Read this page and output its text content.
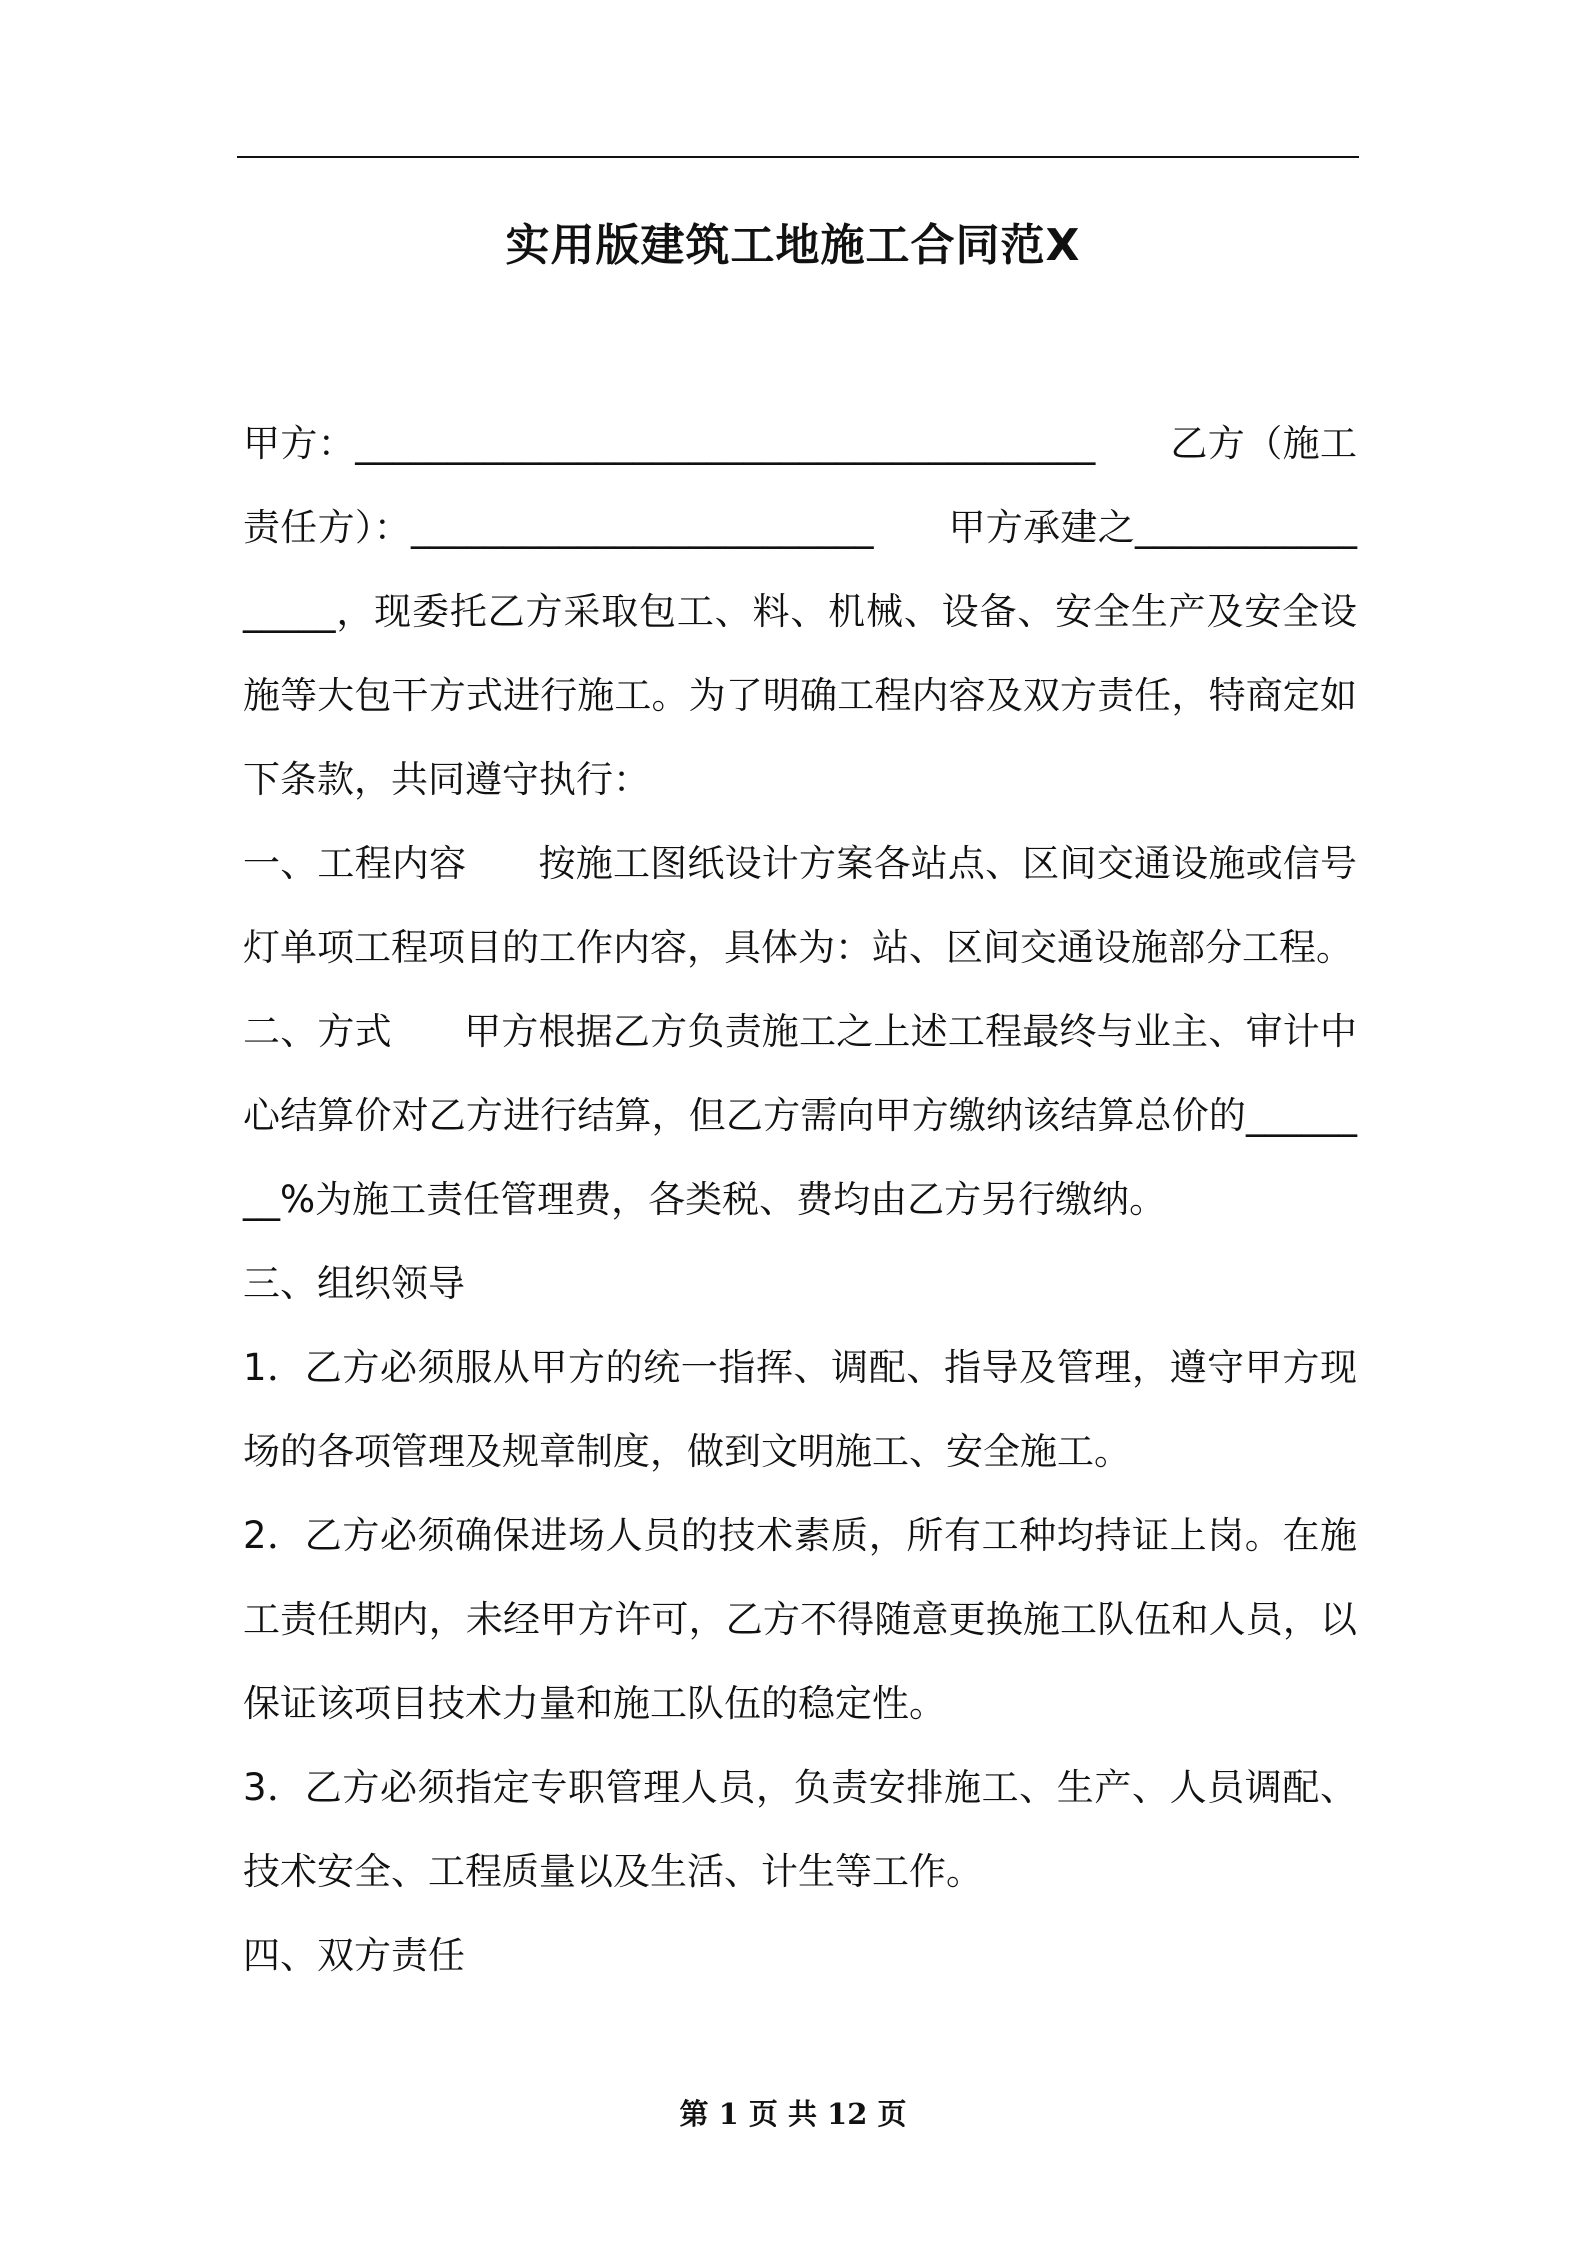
实用版建筑工地施工合同范X

甲方：________________________________________　　乙方（施工责任方）：_________________________　　甲方承建之_________________，现委托乙方采取包工、料、机械、设备、安全生产及安全设施等大包干方式进行施工。为了明确工程内容及双方责任，特商定如下条款，共同遵守执行：

一、工程内容 按施工图纸设计方案各站点、区间交通设施或信号灯单项工程项目的工作内容，具体为：站、区间交通设施部分工程。

二、方式 甲方根据乙方负责施工之上述工程最终与业主、审计中心结算价对乙方进行结算，但乙方需向甲方缴纳该结算总价的________%为施工责任管理费，各类税、费均由乙方另行缴纳。

三、组织领导

1．乙方必须服从甲方的统一指挥、调配、指导及管理，遵守甲方现场的各项管理及规章制度，做到文明施工、安全施工。

2．乙方必须确保进场人员的技术素质，所有工种均持证上岗。在施工责任期内，未经甲方许可，乙方不得随意更换施工队伍和人员，以保证该项目技术力量和施工队伍的稳定性。

3．乙方必须指定专职管理人员，负责安排施工、生产、人员调配、技术安全、工程质量以及生活、计生等工作。

四、双方责任

第 1 页 共 12 页
